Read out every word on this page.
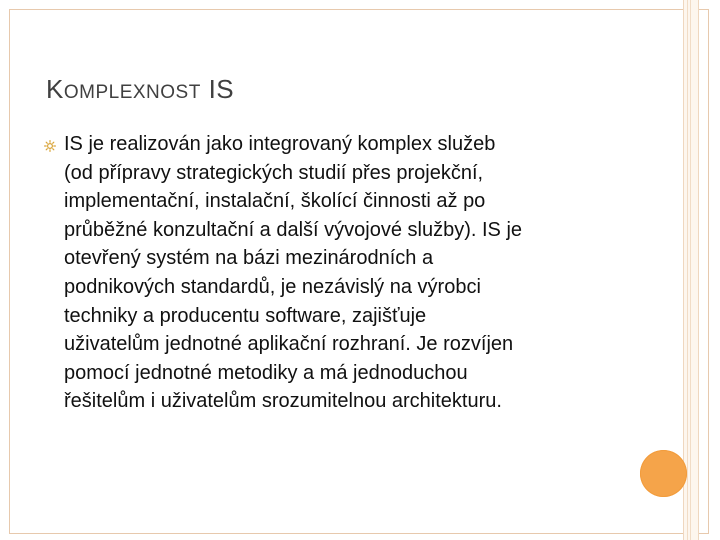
KOMPLEXNOST IS
IS je realizován jako integrovaný komplex služeb
(od přípravy strategických studií přes projekční,
implementační, instalační, školící činnosti až po
průběžné konzultační a další vývojové služby). IS je
otevřený systém na bázi mezinárodních a
podnikových standardů, je nezávislý na výrobci
techniky a producentu software, zajišťuje
uživatelům jednotné aplikační rozhraní. Je rozvíjen
pomocí jednotné metodiky a má jednoduchou
řešitelům i uživatelům srozumitelnou architekturu.
